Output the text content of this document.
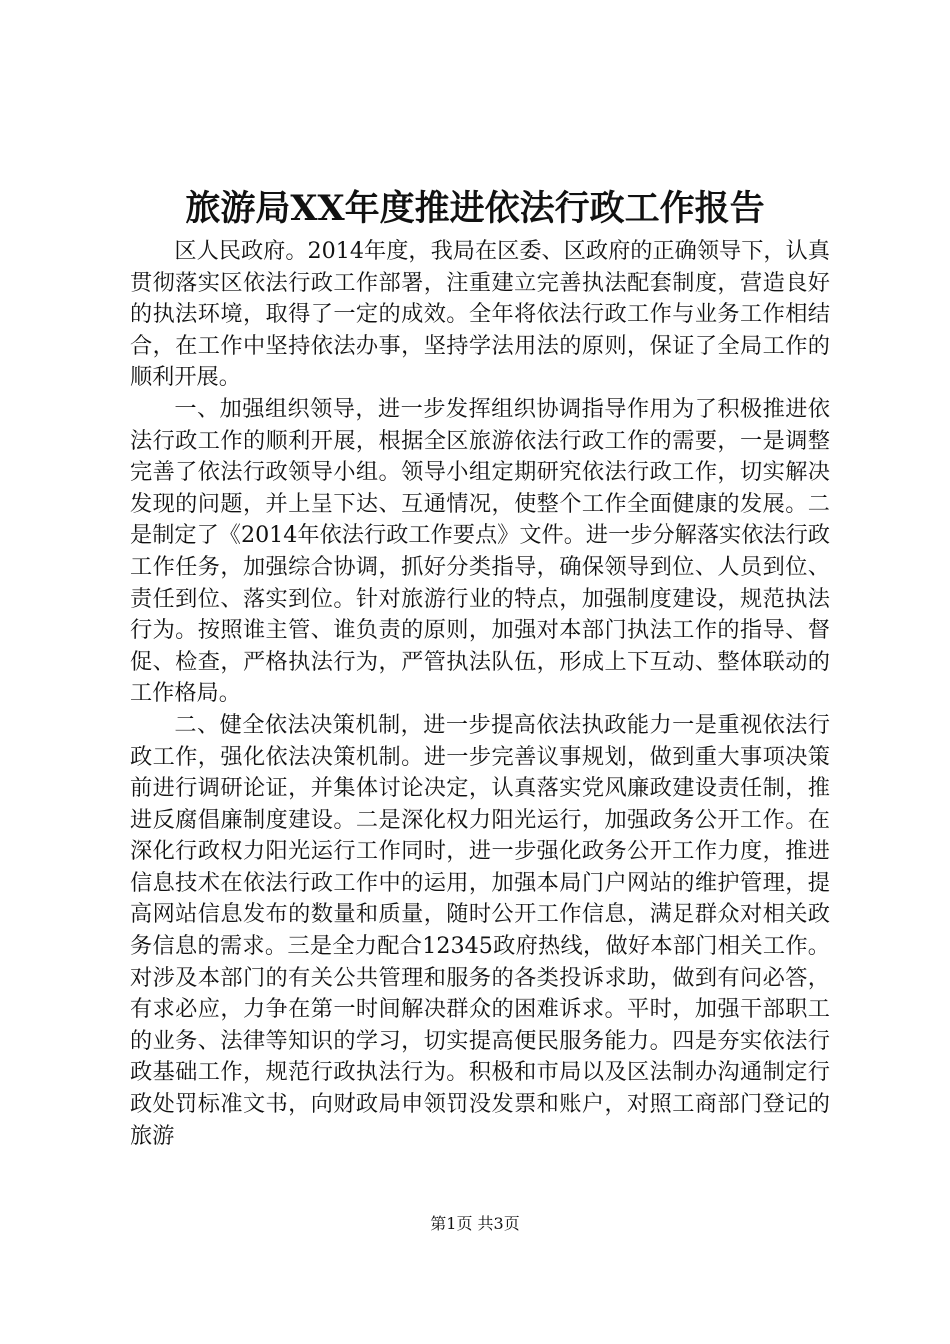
旅游局XX年度推进依法行政工作报告

区人民政府。2014年度，我局在区委、区政府的正确领导下，认真贯彻落实区依法行政工作部署，注重建立完善执法配套制度，营造良好的执法环境，取得了一定的成效。全年将依法行政工作与业务工作相结合，在工作中坚持依法办事，坚持学法用法的原则，保证了全局工作的顺利开展。

一、加强组织领导，进一步发挥组织协调指导作用为了积极推进依法行政工作的顺利开展，根据全区旅游依法行政工作的需要，一是调整完善了依法行政领导小组。领导小组定期研究依法行政工作，切实解决发现的问题，并上呈下达、互通情况，使整个工作全面健康的发展。二是制定了《2014年依法行政工作要点》文件。进一步分解落实依法行政工作任务，加强综合协调，抓好分类指导，确保领导到位、人员到位、责任到位、落实到位。针对旅游行业的特点，加强制度建设，规范执法行为。按照谁主管、谁负责的原则，加强对本部门执法工作的指导、督促、检查，严格执法行为，严管执法队伍，形成上下互动、整体联动的工作格局。

二、健全依法决策机制，进一步提高依法执政能力一是重视依法行政工作，强化依法决策机制。进一步完善议事规划，做到重大事项决策前进行调研论证，并集体讨论决定，认真落实党风廉政建设责任制，推进反腐倡廉制度建设。二是深化权力阳光运行，加强政务公开工作。在深化行政权力阳光运行工作同时，进一步强化政务公开工作力度，推进信息技术在依法行政工作中的运用，加强本局门户网站的维护管理，提高网站信息发布的数量和质量，随时公开工作信息，满足群众对相关政务信息的需求。三是全力配合12345政府热线，做好本部门相关工作。对涉及本部门的有关公共管理和服务的各类投诉求助，做到有问必答，有求必应，力争在第一时间解决群众的困难诉求。平时，加强干部职工的业务、法律等知识的学习，切实提高便民服务能力。四是夯实依法行政基础工作，规范行政执法行为。积极和市局以及区法制办沟通制定行政处罚标准文书，向财政局申领罚没发票和账户，对照工商部门登记的旅游

第1页 共3页
